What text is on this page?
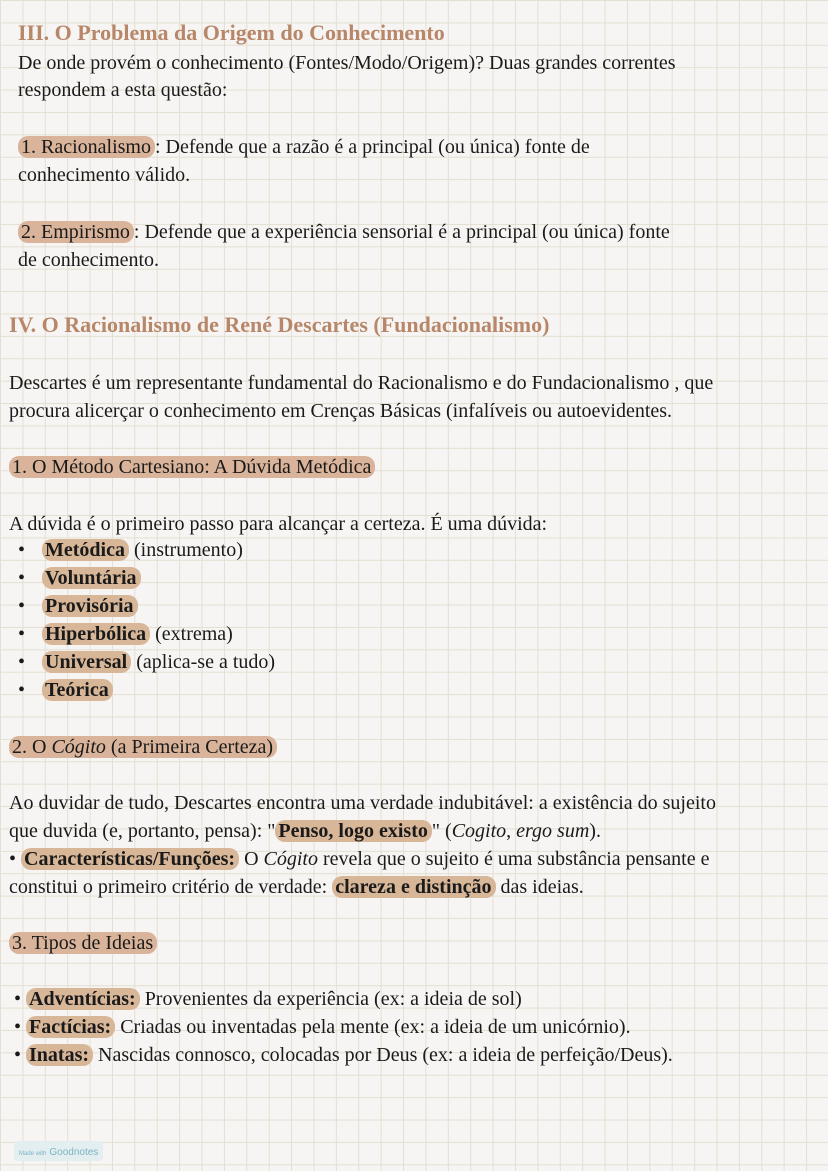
III. O Problema da Origem do Conhecimento
De onde provém o conhecimento (Fontes/Modo/Origem)? Duas grandes correntes
respondem a esta questão:
1. Racionalismo : Defende que a razão é a principal (ou única) fonte de
conhecimento válido.
2. Empirismo : Defende que a experiência sensorial é a principal (ou única) fonte
de conhecimento.
IV. O Racionalismo de René Descartes (Fundacionalismo)
Descartes é um representante fundamental do Racionalismo e do Fundacionalismo , que
procura alicerçar o conhecimento em Crenças Básicas (infalíveis ou autoevidentes.
1. O Método Cartesiano: A Dúvida Metódica
A dúvida é o primeiro passo para alcançar a certeza. É uma dúvida:
• Metódica (instrumento)
• Voluntária
• Provisória
• Hiperbólica (extrema)
• Universal (aplica-se a tudo)
• Teórica
2. O Cógito (a Primeira Certeza)
Ao duvidar de tudo, Descartes encontra uma verdade indubitável: a existência do sujeito
que duvida (e, portanto, pensa): " Penso, logo existo " (Cogito, ergo sum).
• Características/Funções: O Cógito revela que o sujeito é uma substância pensante e
constitui o primeiro critério de verdade: clareza e distinção das ideias.
3. Tipos de Ideias
• Adventícias: Provenientes da experiência (ex: a ideia de sol)
• Factícias: Criadas ou inventadas pela mente (ex: a ideia de um unicórnio).
• Inatas: Nascidas connosco, colocadas por Deus (ex: a ideia de perfeição/Deus).
Made with Goodnotes
